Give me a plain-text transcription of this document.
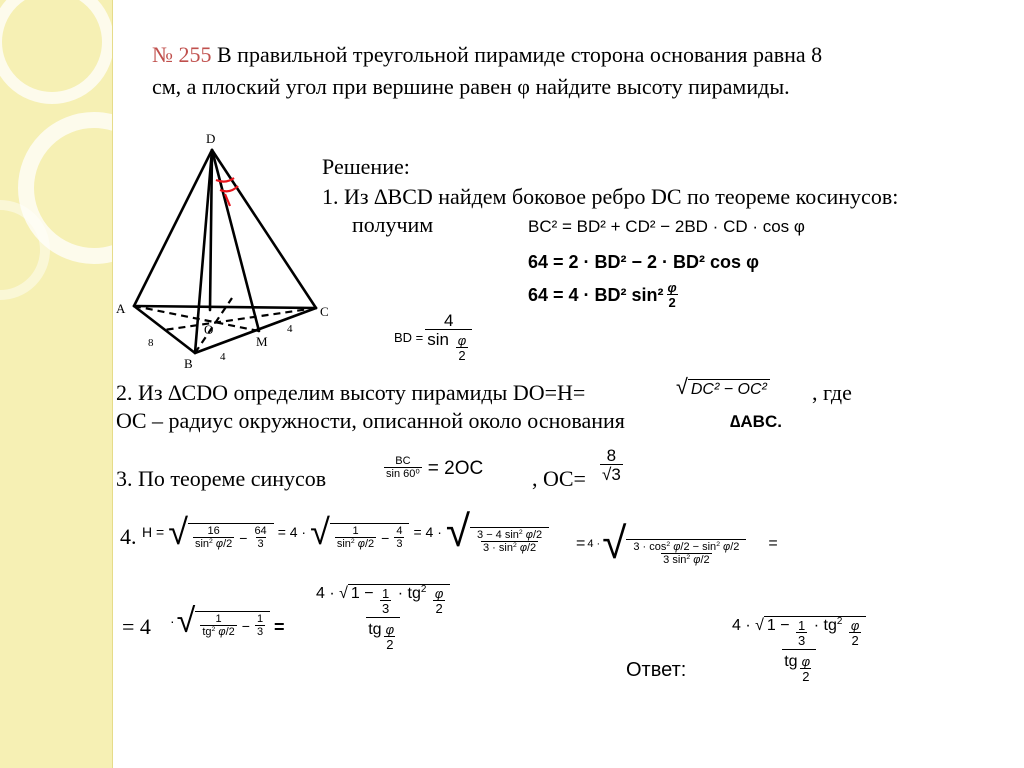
№ 255 В правильной треугольной пирамиде сторона основания равна 8
см, а плоский угол при вершине равен φ найдите высоту пирамиды.
D
A	C
B
O
M
8
4
4
Решение:
1. Из ∆BCD найдем боковое ребро DC по теореме косинусов:
получим	BC² = BD² + CD² − 2BD · CD · cos φ
64 = 2 · BD² − 2 · BD² cos φ
64 = 4 · BD² $\sin^2 \frac{\varphi}{2}$
BD = $\frac{4}{\sin \frac{\varphi}{2}}$
2. Из ∆CDO определим высоту пирамиды DO=H=	√ DC² − OC² , где
OC – радиус окружности, описанной около основания	∆ABC.
3. По теореме синусов	$\frac{BC}{\text{sin 60⁰}} = 2OC$ , $OC= \frac{8}{√3}$
4. H = √ $\frac{16}{\sin^2 \varphi/2} - \frac{64}{3} = 4$ · √ $\frac{1}{\sin^2 \varphi/2} - \frac{4}{3} = 4$ · √ $\frac{3 - 4 \sin^2 \varphi/2}{3 \cdot \sin^2 \varphi/2} = 4$ · √ $\frac{3 \cdot \cos^2 \varphi/2 - \sin^2 \varphi/2}{3 \sin^2 \varphi/2}$ =
= 4 · √ $\frac{1}{tg^2 \varphi/2} - \frac{1}{3} = \frac{4 \cdot √ 1 - \frac{1}{3} \cdot tg^2 \frac{\varphi}{2}}{tg \frac{\varphi}{2}}$
Ответ:	$\frac{4 \cdot √ 1 - \frac{1}{3} \cdot tg^2 \frac{\varphi}{2}}{tg \frac{\varphi}{2}}$
